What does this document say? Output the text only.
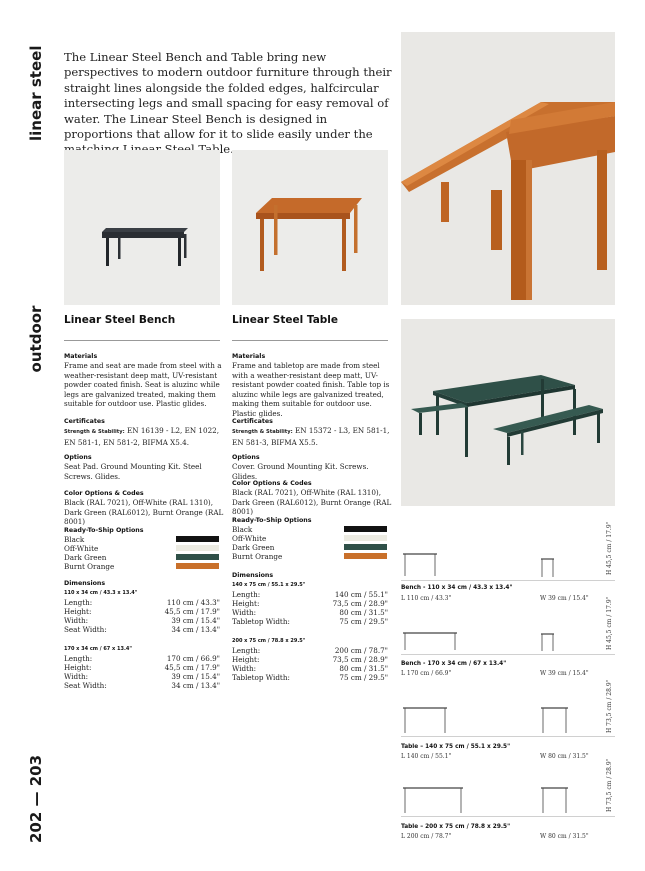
linear steel
outdoor
202 — 203
The Linear Steel Bench and Table bring new perspectives to modern outdoor furniture through their straight lines alongside the folded edges, halfcircular intersecting legs and small spacing for easy removal of water. The Linear Steel Bench is designed in proportions that allow for it to slide easily under the
Linear Steel Bench	Linear Steel Table
Materials
Frame and seat are made from steel with a weather-resistant deep matt, UV-resistant powder coated finish. Seat is aluzinc while legs are galvanized treated, making them suitable for outdoor use. Plastic glides.
Certificates
Strength & Stability: EN 16139 - L2, EN 1022, EN 581-1, EN 581-2, BIFMA X5.4.
Options
Seat Pad. Ground Mounting Kit. Steel Screws. Glides.
Color Options & Codes
Black (RAL 7021), Off-White (RAL 1310), Dark Green (RAL6012), Burnt Orange (RAL 8001)
Ready-To-Ship Options
Black
Off-White
Dark Green
Burnt Orange
Dimensions
110 x 34 cm / 43.3 x 13.4"
Length:	110 cm / 43.3"
Height:	45,5 cm / 17.9"
Width:	39 cm / 15.4"
Seat Width:	34 cm / 13.4"
170 x 34 cm / 67 x 13.4"
Length:	170 cm / 66.9"
Height:	45,5 cm / 17.9"
Width:	39 cm / 15.4"
Seat Width:	34 cm / 13.4"
Materials
Frame and tabletop are made from steel with a weather-resistant deep matt, UV-resistant powder coated finish. Table top is aluzinc while legs are galvanized treated, making them suitable for outdoor use. Plastic glides.
Certificates
Strength & Stability: EN 15372 - L3, EN 581-1, EN 581-3, BIFMA X5.5.
Options
Cover. Ground Mounting Kit. Screws. Glides.
Color Options & Codes
Black (RAL 7021), Off-White (RAL 1310), Dark Green (RAL6012), Burnt Orange (RAL 8001)
Ready-To-Ship Options
Black
Off-White
Dark Green
Burnt Orange
Dimensions
140 x 75 cm / 55.1 x 29.5"
Length:	140 cm / 55.1"
Height:	73,5 cm / 28.9"
Width:	80 cm / 31.5"
Tabletop Width:	75 cm / 29.5"
200 x 75 cm / 78.8 x 29.5"
Length:	200 cm / 78.7"
Height:	73,5 cm / 28.9"
Width:	80 cm / 31.5"
Tabletop Width:	75 cm / 29.5"
Bench - 110 x 34 cm / 43.3 x 13.4"
L 110 cm / 43.3"	W 39 cm / 15.4"
H 45,5 cm / 17.9"
Bench - 170 x 34 cm / 67 x 13.4"
L 170 cm / 66.9"	W 39 cm / 15.4"
H 45,5 cm / 17.9"
Table – 140 x 75 cm / 55.1 x 29.5"
L 140 cm / 55.1"	W 80 cm / 31.5"
H 73,5 cm / 28.9"
Table – 200 x 75 cm / 78.8 x 29.5"
L 200 cm / 78.7"	W 80 cm / 31.5"
H 73,5 cm / 28.9"
